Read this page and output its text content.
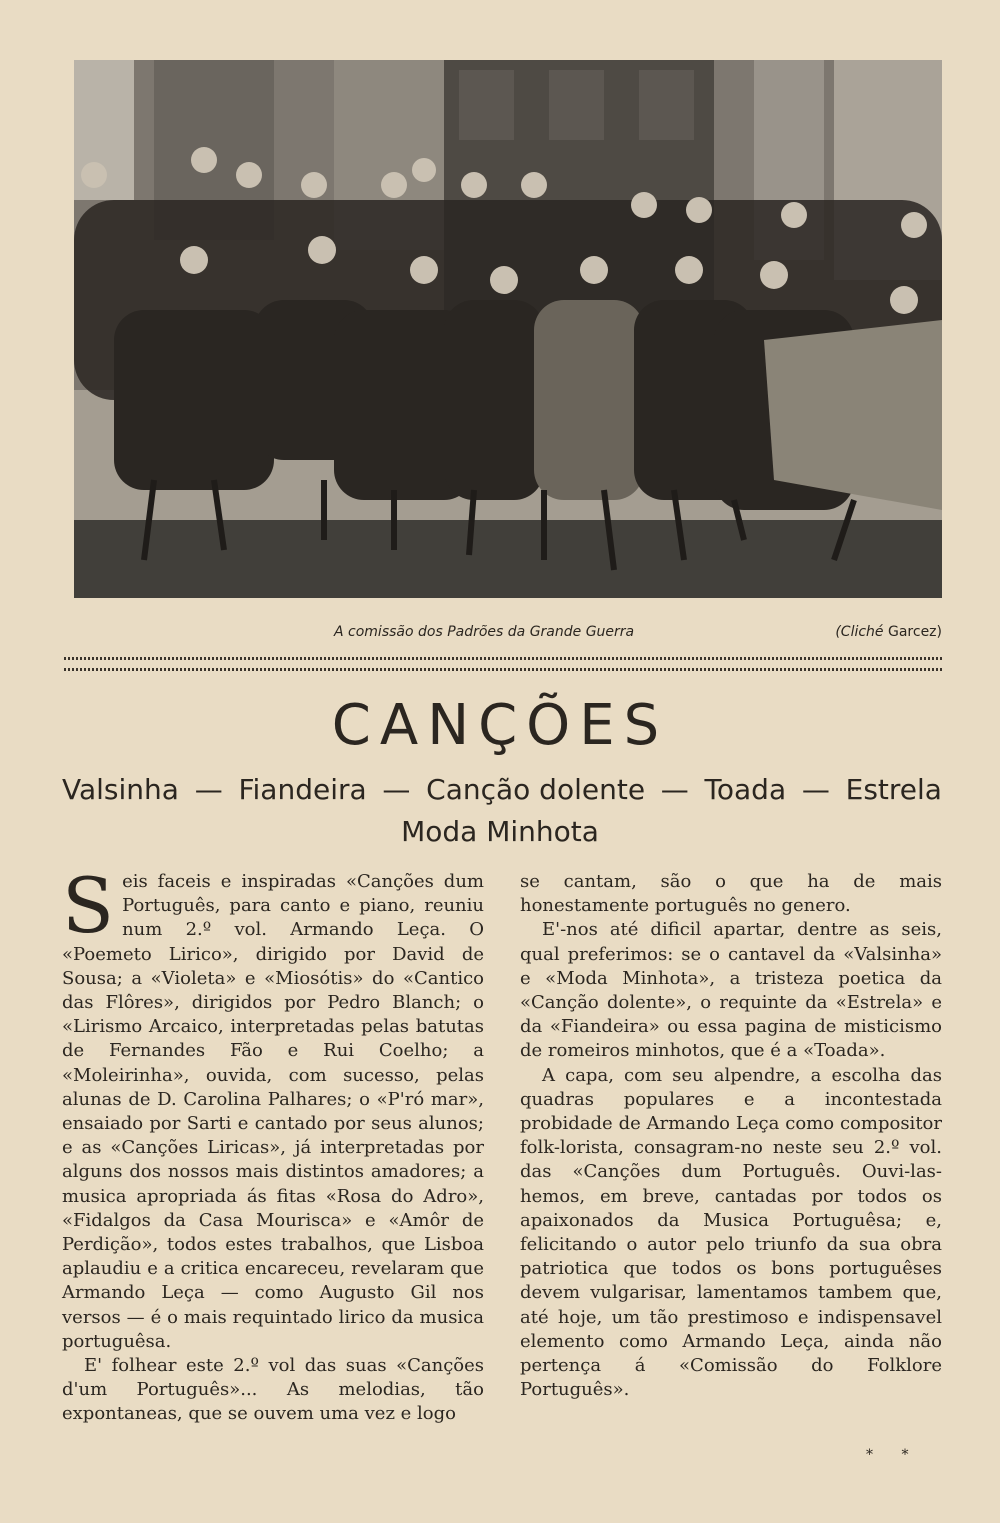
A comissão dos Padrões da Grande Guerra	(Cliché Garcez)
CANÇÕES
Valsinha — Fiandeira — Canção dolente — Toada — Estrela
Moda Minhota

Seis faceis e inspiradas «Canções dum Português, para canto e piano, reuniu num 2.º vol. Armando Leça. O «Poemeto Lirico», dirigido por David de Sousa; a «Violeta» e «Miosótis» do «Cantico das Flôres», dirigidos por Pedro Blanch; o «Lirismo Arcaico, interpretadas pelas batutas de Fernandes Fão e Rui Coelho; a «Moleirinha», ouvida, com sucesso, pelas alunas de D. Carolina Palhares; o «P'ró mar», ensaiado por Sarti e cantado por seus alunos; e as «Canções Liricas», já interpretadas por alguns dos nossos mais distintos amadores; a musica apropriada ás fitas «Rosa do Adro», «Fidalgos da Casa Mourisca» e «Amôr de Perdição», todos estes trabalhos, que Lisboa aplaudiu e a critica encareceu, revelaram que Armando Leça — como Augusto Gil nos versos — é o mais requintado lirico da musica portuguêsa.

E' folhear este 2.º vol das suas «Canções d'um Português»... As melodias, tão expontaneas, que se ouvem uma vez e logo

se cantam, são o que ha de mais honestamente português no genero.

E'-nos até dificil apartar, dentre as seis, qual preferimos: se o cantavel da «Valsinha» e «Moda Minhota», a tristeza poetica da «Canção dolente», o requinte da «Estrela» e da «Fiandeira» ou essa pagina de misticismo de romeiros minhotos, que é a «Toada».

A capa, com seu alpendre, a escolha das quadras populares e a incontestada probidade de Armando Leça como compositor folk-lorista, consagram-no neste seu 2.º vol. das «Canções dum Português. Ouvi-las-hemos, em breve, cantadas por todos os apaixonados da Musica Portuguêsa; e, felicitando o autor pelo triunfo da sua obra patriotica que todos os bons portuguêses devem vulgarisar, lamentamos tambem que, até hoje, um tão prestimoso e indispensavel elemento como Armando Leça, ainda não pertença á «Comissão do Folklore Português».

* *
